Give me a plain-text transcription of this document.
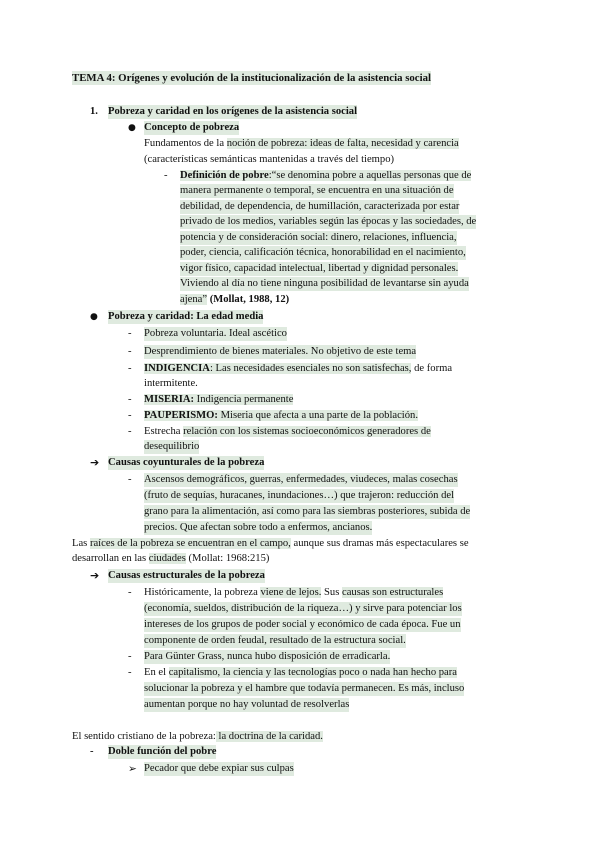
TEMA 4: Orígenes y evolución de la institucionalización de la asistencia social
1. Pobreza y caridad en los orígenes de la asistencia social
● Concepto de pobreza
Fundamentos de la noción de pobreza: ideas de falta, necesidad y carencia
(características semánticas mantenidas a través del tiempo)
- Definición de pobre:“se denomina pobre a aquellas personas que de
manera permanente o temporal, se encuentra en una situación de
debilidad, de dependencia, de humillación, caracterizada por estar
privado de los medios, variables según las épocas y las sociedades, de
potencia y de consideración social: dinero, relaciones, influencia,
poder, ciencia, calificación técnica, honorabilidad en el nacimiento,
vigor físico, capacidad intelectual, libertad y dignidad personales.
Viviendo al día no tiene ninguna posibilidad de levantarse sin ayuda
ajena” (Mollat, 1988, 12)
● Pobreza y caridad: La edad media
- Pobreza voluntaria. Ideal ascético
- Desprendimiento de bienes materiales. No objetivo de este tema
- INDIGENCIA: Las necesidades esenciales no son satisfechas, de forma
intermitente.
- MISERIA: Indigencia permanente
- PAUPERISMO: Miseria que afecta a una parte de la población.
- Estrecha relación con los sistemas socioeconómicos generadores de
desequilibrio
➔ Causas coyunturales de la pobreza
- Ascensos demográficos, guerras, enfermedades, viudeces, malas cosechas
(fruto de sequías, huracanes, inundaciones…) que trajeron: reducción del
grano para la alimentación, así como para las siembras posteriores, subida de
precios. Que afectan sobre todo a enfermos, ancianos.
Las raíces de la pobreza se encuentran en el campo, aunque sus dramas más espectaculares se
desarrollan en las ciudades (Mollat: 1968:215)
➔ Causas estructurales de la pobreza
- Históricamente, la pobreza viene de lejos. Sus causas son estructurales
(economía, sueldos, distribución de la riqueza…) y sirve para potenciar los
intereses de los grupos de poder social y económico de cada época. Fue un
componente de orden feudal, resultado de la estructura social.
- Para Günter Grass, nunca hubo disposición de erradicarla.
- En el capitalismo, la ciencia y las tecnologías poco o nada han hecho para
solucionar la pobreza y el hambre que todavía permanecen. Es más, incluso
aumentan porque no hay voluntad de resolverlas
El sentido cristiano de la pobreza: la doctrina de la caridad.
- Doble función del pobre
➢ Pecador que debe expiar sus culpas
